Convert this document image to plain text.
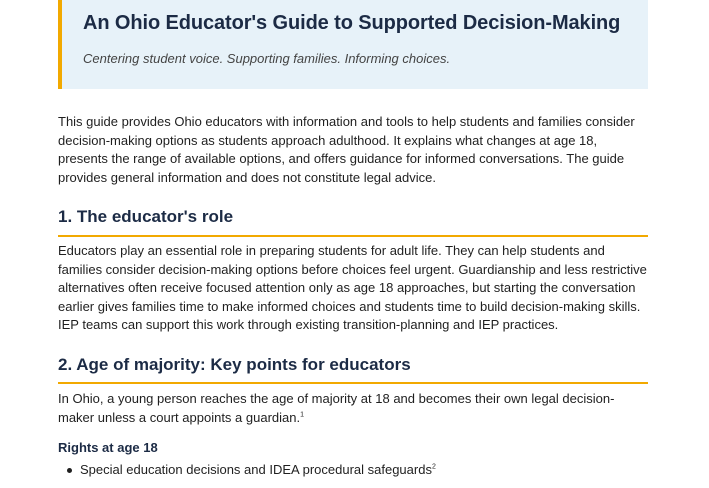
An Ohio Educator's Guide to Supported Decision-Making

Centering student voice. Supporting families. Informing choices.

This guide provides Ohio educators with information and tools to help students and families consider decision-making options as students approach adulthood. It explains what changes at age 18, presents the range of available options, and offers guidance for informed conversations. The guide provides general information and does not constitute legal advice.

1. The educator's role

Educators play an essential role in preparing students for adult life. They can help students and families consider decision-making options before choices feel urgent. Guardianship and less restrictive alternatives often receive focused attention only as age 18 approaches, but starting the conversation earlier gives families time to make informed choices and students time to build decision-making skills. IEP teams can support this work through existing transition-planning and IEP practices.

2. Age of majority: Key points for educators

In Ohio, a young person reaches the age of majority at 18 and becomes their own legal decision-maker unless a court appoints a guardian.$^1$

Rights at age 18
Special education decisions and IDEA procedural safeguards$^2$
